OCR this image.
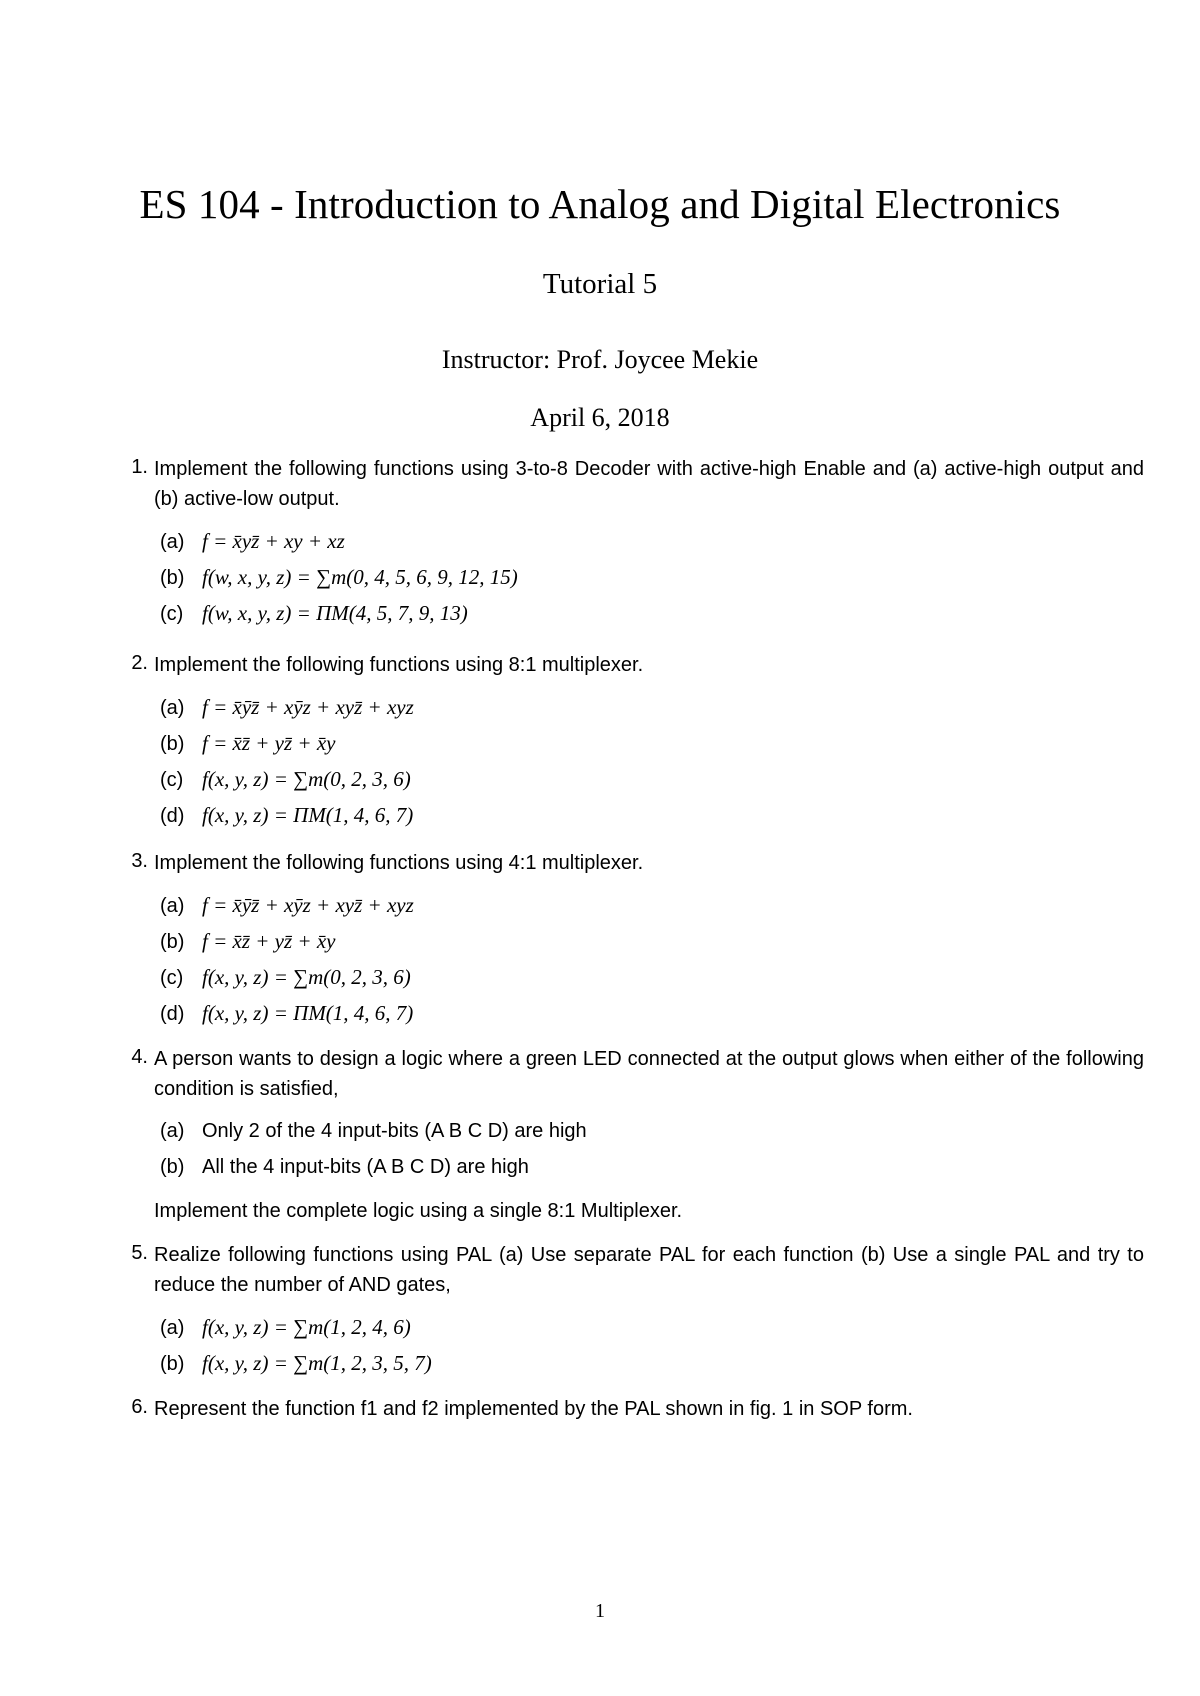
ES 104 - Introduction to Analog and Digital Electronics
Tutorial 5
Instructor: Prof. Joycee Mekie
April 6, 2018
1. Implement the following functions using 3-to-8 Decoder with active-high Enable and (a) active-high output and (b) active-low output.
(a) f = x̄yz̄ + xy + xz
(b) f(w, x, y, z) = ∑m(0, 4, 5, 6, 9, 12, 15)
(c) f(w, x, y, z) = ΠM(4, 5, 7, 9, 13)
2. Implement the following functions using 8:1 multiplexer.
(a) f = x̄ȳz̄ + xȳz + xyz̄ + xyz
(b) f = x̄z̄ + yz̄ + x̄y
(c) f(x, y, z) = ∑m(0, 2, 3, 6)
(d) f(x, y, z) = ΠM(1, 4, 6, 7)
3. Implement the following functions using 4:1 multiplexer.
(a) f = x̄ȳz̄ + xȳz + xyz̄ + xyz
(b) f = x̄z̄ + yz̄ + x̄y
(c) f(x, y, z) = ∑m(0, 2, 3, 6)
(d) f(x, y, z) = ΠM(1, 4, 6, 7)
4. A person wants to design a logic where a green LED connected at the output glows when either of the following condition is satisfied,
(a) Only 2 of the 4 input-bits (A B C D) are high
(b) All the 4 input-bits (A B C D) are high
Implement the complete logic using a single 8:1 Multiplexer.
5. Realize following functions using PAL (a) Use separate PAL for each function (b) Use a single PAL and try to reduce the number of AND gates,
(a) f(x, y, z) = ∑m(1, 2, 4, 6)
(b) f(x, y, z) = ∑m(1, 2, 3, 5, 7)
6. Represent the function f1 and f2 implemented by the PAL shown in fig. 1 in SOP form.
1
